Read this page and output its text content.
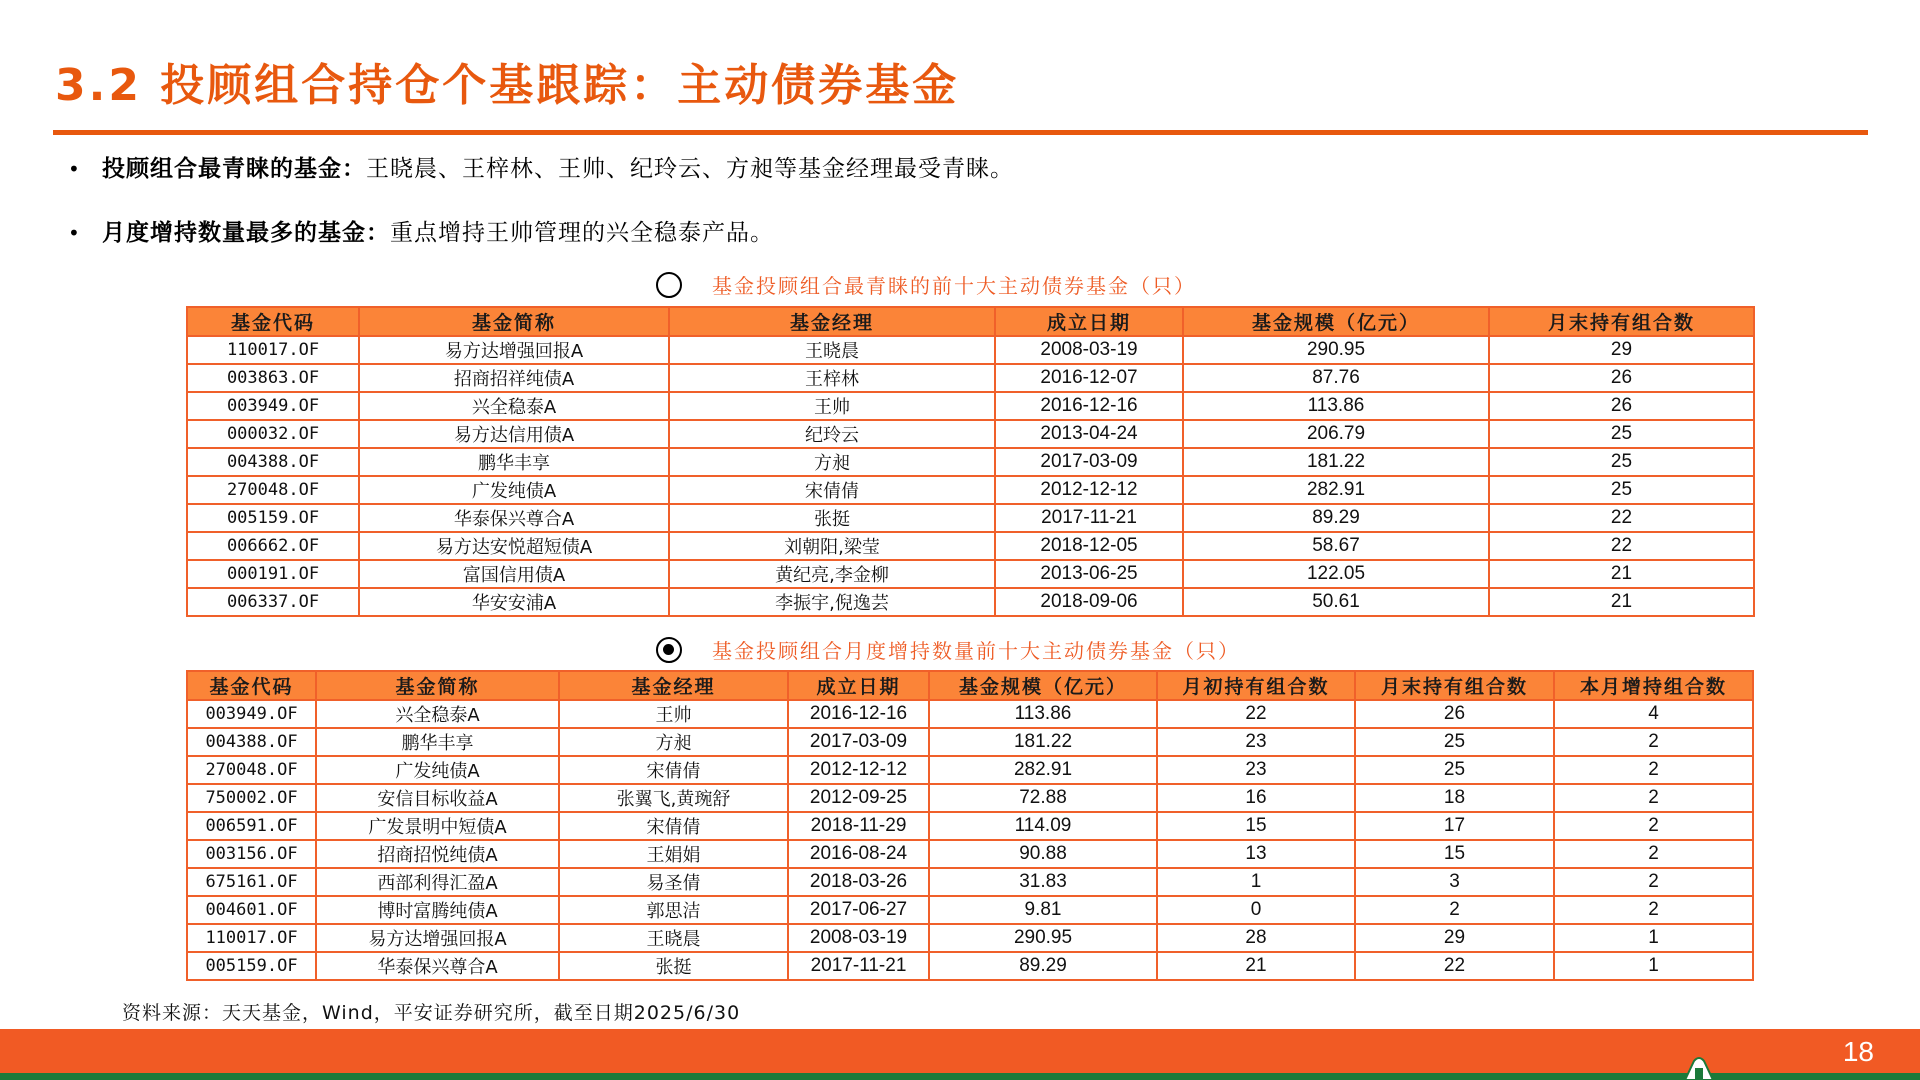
3.2 投顾组合持仓个基跟踪：主动债券基金
• 投顾组合最青睐的基金：王晓晨、王梓林、王帅、纪玲云、方昶等基金经理最受青睐。
• 月度增持数量最多的基金：重点增持王帅管理的兴全稳泰产品。
基金投顾组合最青睐的前十大主动债券基金（只）
基金代码	基金简称	基金经理	成立日期	基金规模（亿元）	月末持有组合数
110017.OF	易方达增强回报A	王晓晨	2008-03-19	290.95	29
003863.OF	招商招祥纯债A	王梓林	2016-12-07	87.76	26
003949.OF	兴全稳泰A	王帅	2016-12-16	113.86	26
000032.OF	易方达信用债A	纪玲云	2013-04-24	206.79	25
004388.OF	鹏华丰享	方昶	2017-03-09	181.22	25
270048.OF	广发纯债A	宋倩倩	2012-12-12	282.91	25
005159.OF	华泰保兴尊合A	张挺	2017-11-21	89.29	22
006662.OF	易方达安悦超短债A	刘朝阳,梁莹	2018-12-05	58.67	22
000191.OF	富国信用债A	黄纪亮,李金柳	2013-06-25	122.05	21
006337.OF	华安安浦A	李振宇,倪逸芸	2018-09-06	50.61	21
基金投顾组合月度增持数量前十大主动债券基金（只）
基金代码	基金简称	基金经理	成立日期	基金规模（亿元）	月初持有组合数	月末持有组合数	本月增持组合数
003949.OF	兴全稳泰A	王帅	2016-12-16	113.86	22	26	4
004388.OF	鹏华丰享	方昶	2017-03-09	181.22	23	25	2
270048.OF	广发纯债A	宋倩倩	2012-12-12	282.91	23	25	2
750002.OF	安信目标收益A	张翼飞,黄琬舒	2012-09-25	72.88	16	18	2
006591.OF	广发景明中短债A	宋倩倩	2018-11-29	114.09	15	17	2
003156.OF	招商招悦纯债A	王娟娟	2016-08-24	90.88	13	15	2
675161.OF	西部利得汇盈A	易圣倩	2018-03-26	31.83	1	3	2
004601.OF	博时富腾纯债A	郭思洁	2017-06-27	9.81	0	2	2
110017.OF	易方达增强回报A	王晓晨	2008-03-19	290.95	28	29	1
005159.OF	华泰保兴尊合A	张挺	2017-11-21	89.29	21	22	1
资料来源：天天基金，Wind，平安证券研究所，截至日期2025/6/30
18
